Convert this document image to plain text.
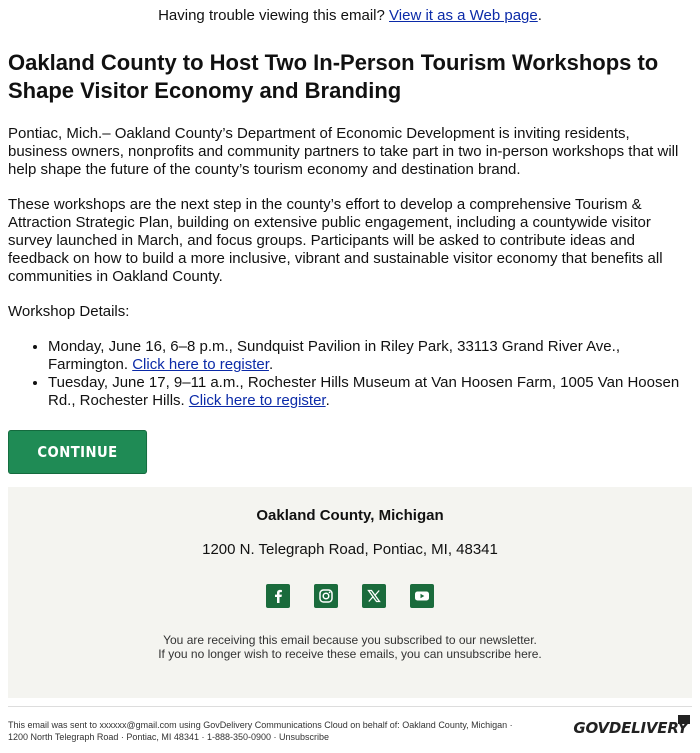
Having trouble viewing this email? View it as a Web page.
Oakland County to Host Two In-Person Tourism Workshops to Shape Visitor Economy and Branding

Pontiac, Mich.– Oakland County’s Department of Economic Development is inviting residents, business owners, nonprofits and community partners to take part in two in-person workshops that will help shape the future of the county’s tourism economy and destination brand.

These workshops are the next step in the county’s effort to develop a comprehensive Tourism & Attraction Strategic Plan, building on extensive public engagement, including a countywide visitor survey launched in March, and focus groups. Participants will be asked to contribute ideas and feedback on how to build a more inclusive, vibrant and sustainable visitor economy that benefits all communities in Oakland County.

Workshop Details:

• Monday, June 16, 6–8 p.m., Sundquist Pavilion in Riley Park, 33113 Grand River Ave., Farmington. Click here to register.
• Tuesday, June 17, 9–11 a.m., Rochester Hills Museum at Van Hoosen Farm, 1005 Van Hoosen Rd., Rochester Hills. Click here to register.
CONTINUE
Oakland County, Michigan
1200 N. Telegraph Road, Pontiac, MI, 48341
You are receiving this email because you subscribed to our newsletter.
If you no longer wish to receive these emails, you can unsubscribe here.
This email was sent to xxxxxx@gmail.com using GovDelivery Communications Cloud on behalf of: Oakland County, Michigan ·
1200 North Telegraph Road · Pontiac, MI 48341 · 1-888-350-0900 · Unsubscribe	GOVDELIVERY
